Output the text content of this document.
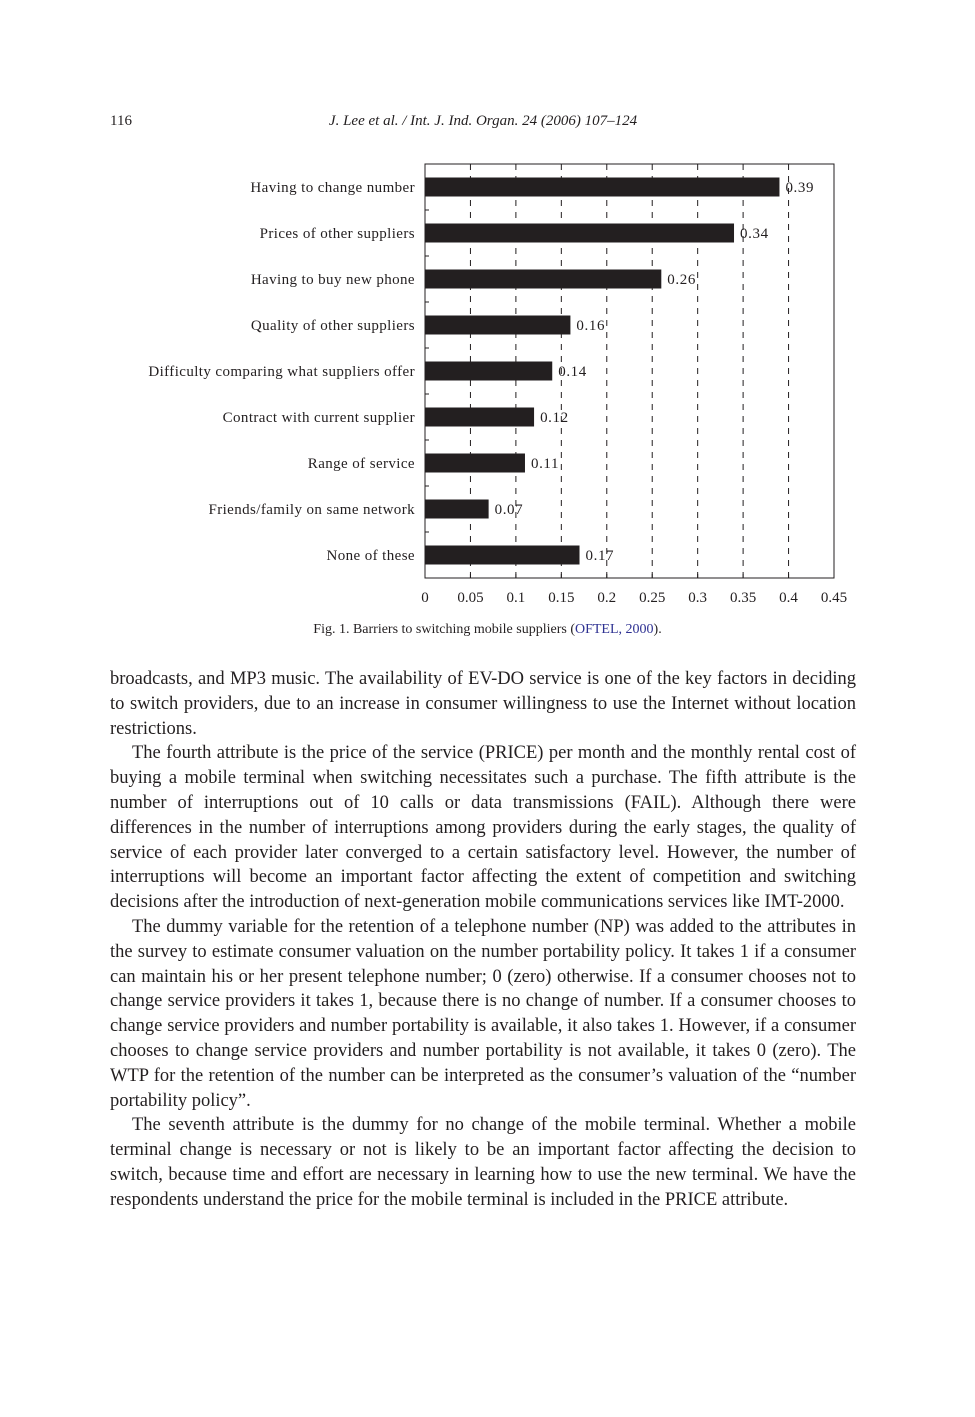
116	J. Lee et al. / Int. J. Ind. Organ. 24 (2006) 107–124
Having to change number	0.39
Prices of other suppliers	0.34
Having to buy new phone	0.26
Quality of other suppliers	0.16
Difficulty comparing what suppliers offer	0.14
Contract with current supplier	0.12
Range of service	0.11
Friends/family on same network	0.07
None of these	0.17
0 0.05 0.1 0.15 0.2 0.25 0.3 0.35 0.4 0.45
Fig. 1. Barriers to switching mobile suppliers (OFTEL, 2000).

broadcasts, and MP3 music. The availability of EV-DO service is one of the key factors in deciding to switch providers, due to an increase in consumer willingness to use the Internet without location restrictions.

The fourth attribute is the price of the service (PRICE) per month and the monthly rental cost of buying a mobile terminal when switching necessitates such a purchase. The fifth attribute is the number of interruptions out of 10 calls or data transmissions (FAIL). Although there were differences in the number of interruptions among providers during the early stages, the quality of service of each provider later converged to a certain satisfactory level. However, the number of interruptions will become an important factor affecting the extent of competition and switching decisions after the introduction of next-generation mobile communications services like IMT-2000.

The dummy variable for the retention of a telephone number (NP) was added to the attributes in the survey to estimate consumer valuation on the number portability policy. It takes 1 if a consumer can maintain his or her present telephone number; 0 (zero) otherwise. If a consumer chooses not to change service providers it takes 1, because there is no change of number. If a consumer chooses to change service providers and number portability is available, it also takes 1. However, if a consumer chooses to change service providers and number portability is not available, it takes 0 (zero). The WTP for the retention of the number can be interpreted as the consumer’s valuation of the “number portability policy”.

The seventh attribute is the dummy for no change of the mobile terminal. Whether a mobile terminal change is necessary or not is likely to be an important factor affecting the decision to switch, because time and effort are necessary in learning how to use the new terminal. We have the respondents understand the price for the mobile terminal is included in the PRICE attribute.
